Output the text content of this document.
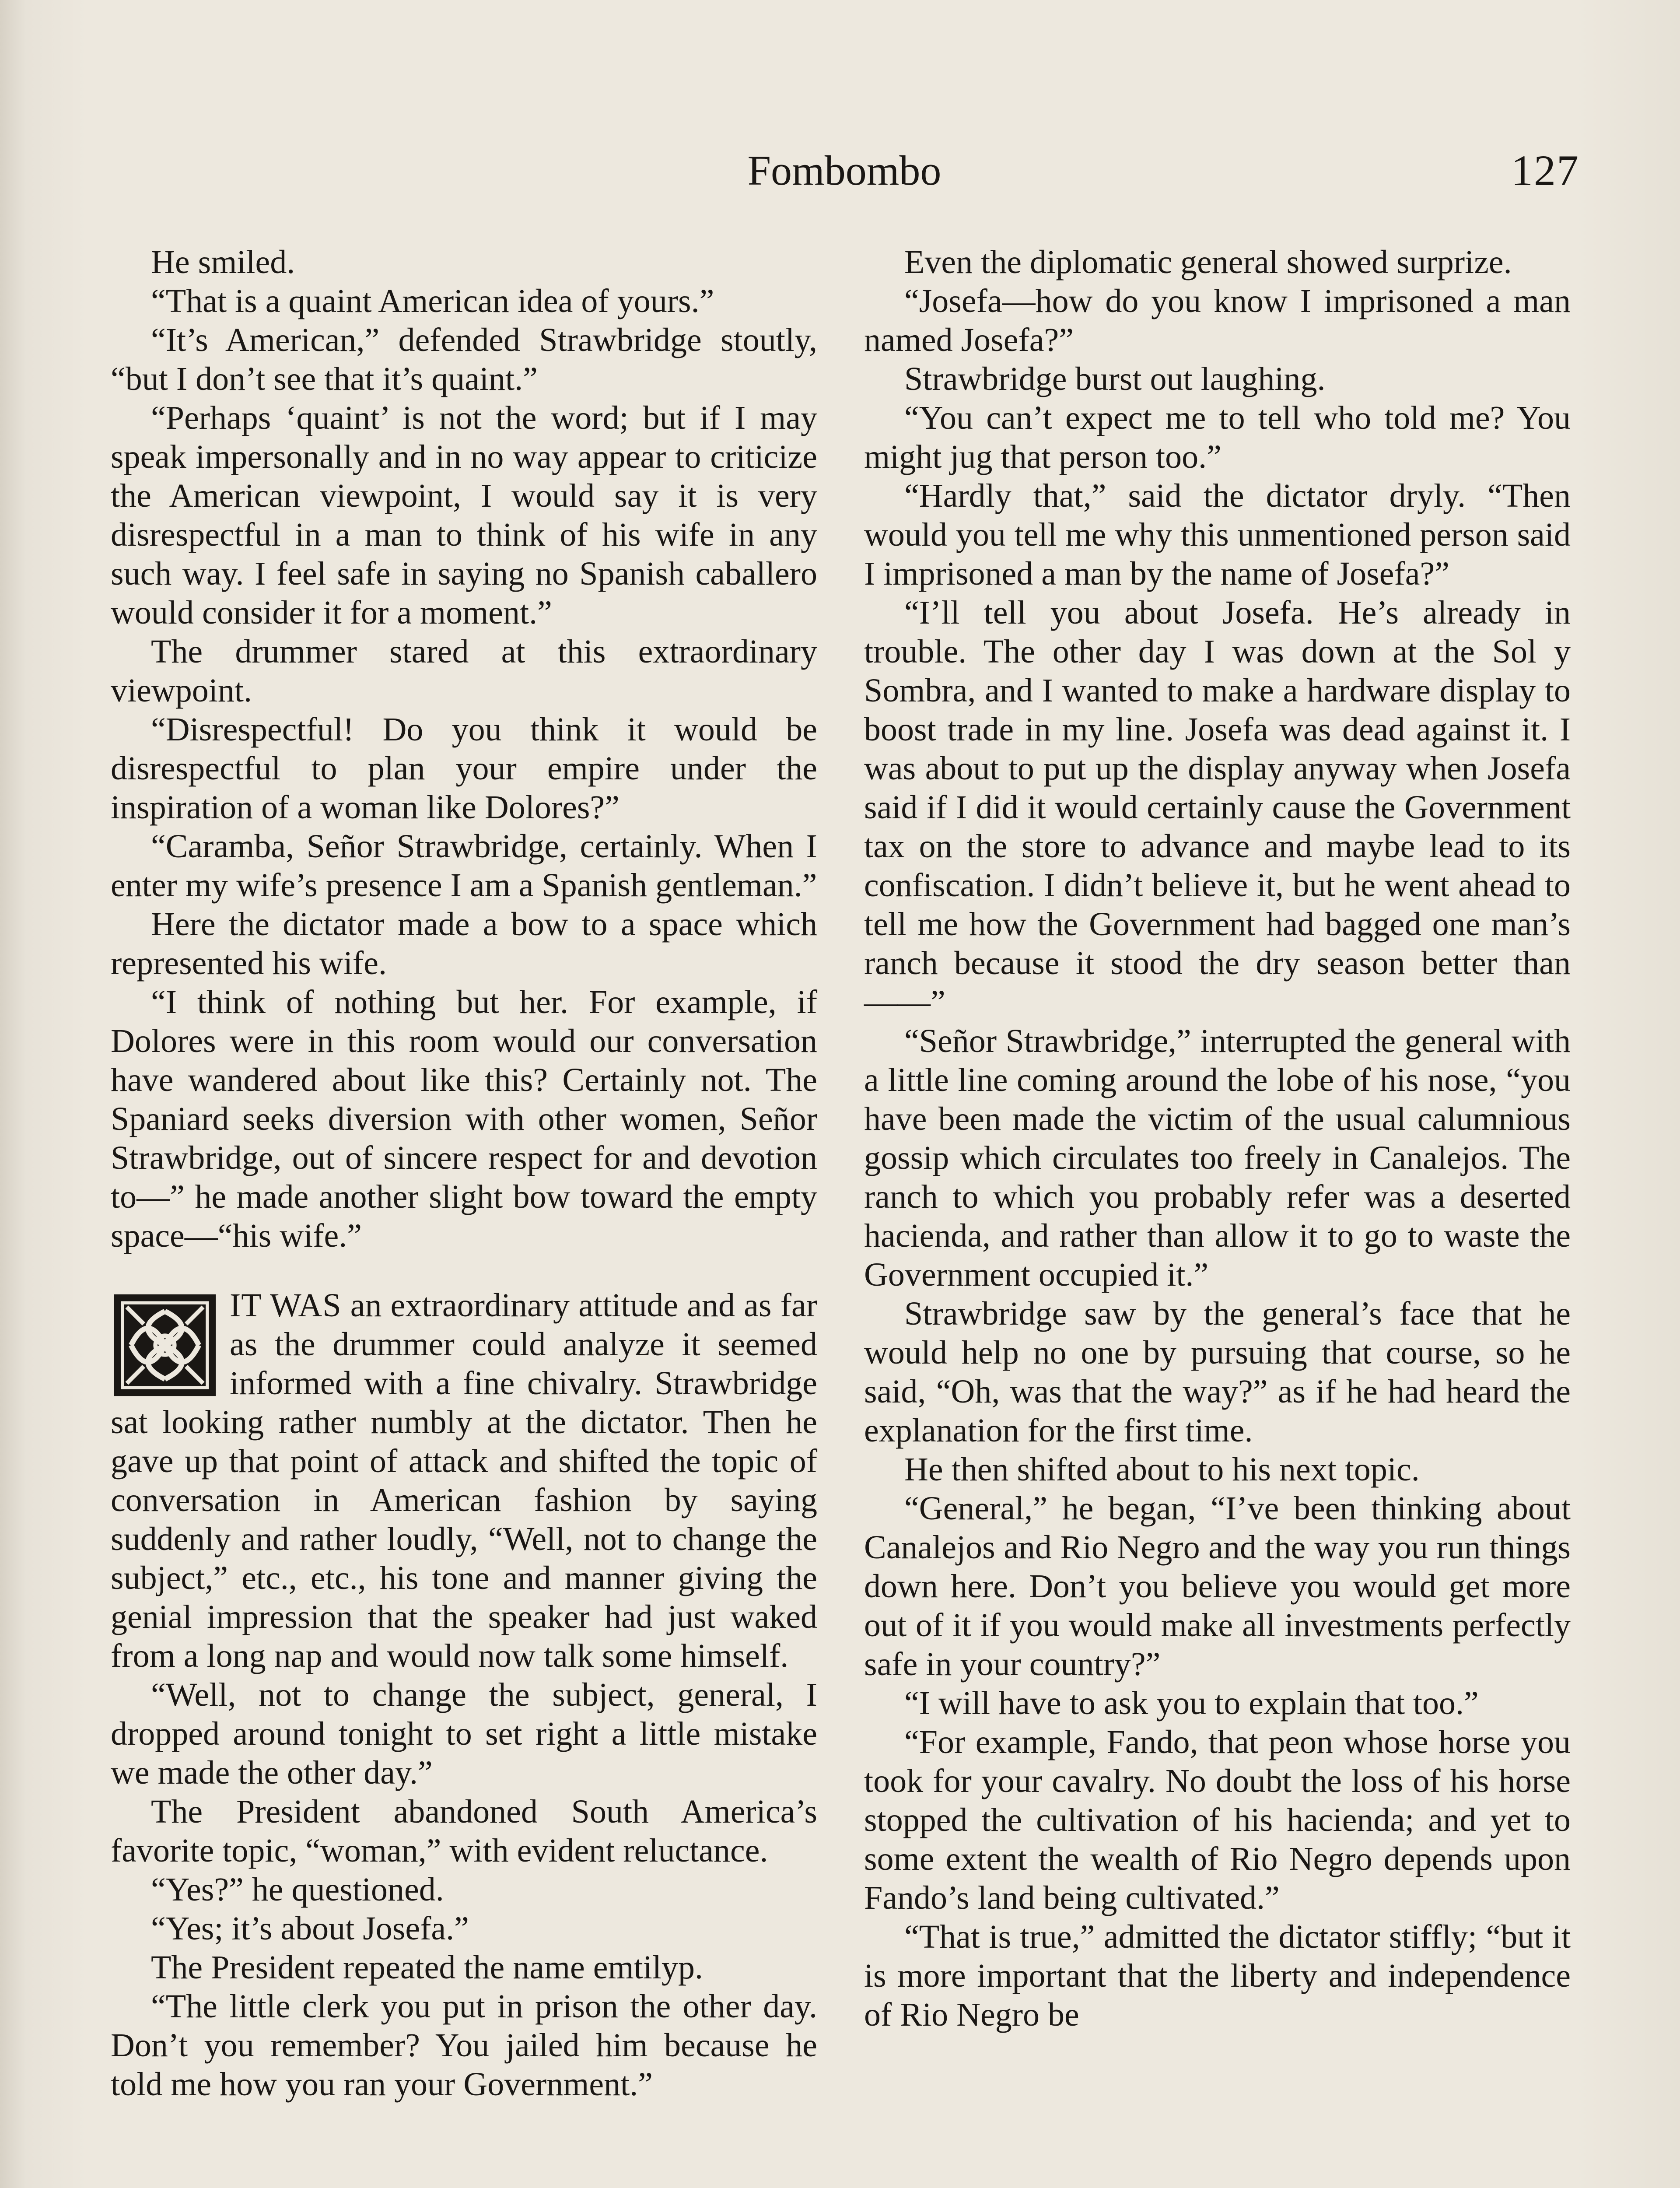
Fombombo	127

He smiled.

“That is a quaint American idea of yours.”

“It’s American,” defended Strawbridge stoutly, “but I don’t see that it’s quaint.”

“Perhaps ‘quaint’ is not the word; but if I may speak impersonally and in no way appear to criticize the American viewpoint, I would say it is very disrespectful in a man to think of his wife in any such way. I feel safe in saying no Spanish caballero would consider it for a moment.”

The drummer stared at this extraordinary viewpoint.

“Disrespectful! Do you think it would be disrespectful to plan your empire under the inspiration of a woman like Dolores?”

“Caramba, Señor Strawbridge, certainly. When I enter my wife’s presence I am a Spanish gentleman.”

Here the dictator made a bow to a space which represented his wife.

“I think of nothing but her. For example, if Dolores were in this room would our conversation have wandered about like this? Certainly not. The Spaniard seeks diversion with other women, Señor Strawbridge, out of sincere respect for and devotion to—” he made another slight bow toward the empty space—“his wife.”

IT WAS an extraordinary attitude and as far as the drummer could analyze it seemed informed with a fine chivalry. Strawbridge sat looking rather numbly at the dictator. Then he gave up that point of attack and shifted the topic of conversation in American fashion by saying suddenly and rather loudly, “Well, not to change the subject,” etc., etc., his tone and manner giving the genial impression that the speaker had just waked from a long nap and would now talk some himself.

“Well, not to change the subject, general, I dropped around tonight to set right a little mistake we made the other day.”

The President abandoned South America’s favorite topic, “woman,” with evident reluctance.

“Yes?” he questioned.

“Yes; it’s about Josefa.”

The President repeated the name emtilyp.

“The little clerk you put in prison the other day. Don’t you remember? You jailed him because he told me how you ran your Government.”

Even the diplomatic general showed surprize.

“Josefa—how do you know I imprisoned a man named Josefa?”

Strawbridge burst out laughing.

“You can’t expect me to tell who told me? You might jug that person too.”

“Hardly that,” said the dictator dryly. “Then would you tell me why this unmentioned person said I imprisoned a man by the name of Josefa?”

“I’ll tell you about Josefa. He’s already in trouble. The other day I was down at the Sol y Sombra, and I wanted to make a hardware display to boost trade in my line. Josefa was dead against it. I was about to put up the display anyway when Josefa said if I did it would certainly cause the Government tax on the store to advance and maybe lead to its confiscation. I didn’t believe it, but he went ahead to tell me how the Government had bagged one man’s ranch because it stood the dry season better than——”

“Señor Strawbridge,” interrupted the general with a little line coming around the lobe of his nose, “you have been made the victim of the usual calumnious gossip which circulates too freely in Canalejos. The ranch to which you probably refer was a deserted hacienda, and rather than allow it to go to waste the Government occupied it.”

Strawbridge saw by the general’s face that he would help no one by pursuing that course, so he said, “Oh, was that the way?” as if he had heard the explanation for the first time.

He then shifted about to his next topic.

“General,” he began, “I’ve been thinking about Canalejos and Rio Negro and the way you run things down here. Don’t you believe you would get more out of it if you would make all investments perfectly safe in your country?”

“I will have to ask you to explain that too.”

“For example, Fando, that peon whose horse you took for your cavalry. No doubt the loss of his horse stopped the cultivation of his hacienda; and yet to some extent the wealth of Rio Negro depends upon Fando’s land being cultivated.”

“That is true,” admitted the dictator stiffly; “but it is more important that the liberty and independence of Rio Negro be
